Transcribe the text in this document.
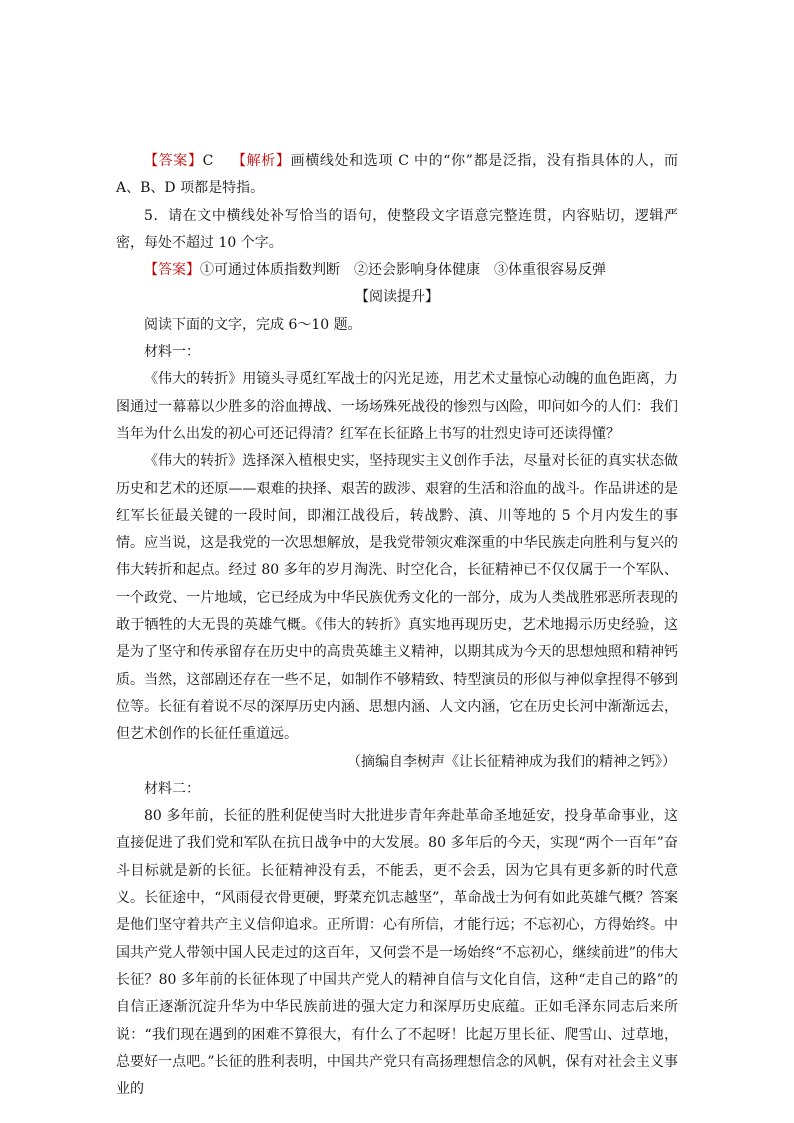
【答案】C 【解析】画横线处和选项 C 中的“你”都是泛指，没有指具体的人，而 A、B、D 项都是特指。

5．请在文中横线处补写恰当的语句，使整段文字语意完整连贯，内容贴切，逻辑严密，每处不超过 10 个字。

【答案】①可通过体质指数判断 ②还会影响身体健康 ③体重很容易反弹

【阅读提升】

阅读下面的文字，完成 6～10 题。

材料一：

《伟大的转折》用镜头寻觅红军战士的闪光足迹，用艺术丈量惊心动魄的血色距离，力图通过一幕幕以少胜多的浴血搏战、一场场殊死战役的惨烈与凶险，叩问如今的人们：我们当年为什么出发的初心可还记得清？红军在长征路上书写的壮烈史诗可还读得懂？

《伟大的转折》选择深入植根史实，坚持现实主义创作手法，尽量对长征的真实状态做历史和艺术的还原——艰难的抉择、艰苦的跋涉、艰窘的生活和浴血的战斗。作品讲述的是红军长征最关键的一段时间，即湘江战役后，转战黔、滇、川等地的 5 个月内发生的事情。应当说，这是我党的一次思想解放，是我党带领灾难深重的中华民族走向胜利与复兴的伟大转折和起点。经过 80 多年的岁月淘洗、时空化合，长征精神已不仅仅属于一个军队、一个政党、一片地域，它已经成为中华民族优秀文化的一部分，成为人类战胜邪恶所表现的敢于牺牲的大无畏的英雄气概。《伟大的转折》真实地再现历史，艺术地揭示历史经验，这是为了坚守和传承留存在历史中的高贵英雄主义精神，以期其成为今天的思想烛照和精神钙质。当然，这部剧还存在一些不足，如制作不够精致、特型演员的形似与神似拿捏得不够到位等。长征有着说不尽的深厚历史内涵、思想内涵、人文内涵，它在历史长河中渐渐远去，但艺术创作的长征任重道远。

（摘编自李树声《让长征精神成为我们的精神之钙》）

材料二：

80 多年前，长征的胜利促使当时大批进步青年奔赴革命圣地延安，投身革命事业，这直接促进了我们党和军队在抗日战争中的大发展。80 多年后的今天，实现“两个一百年”奋斗目标就是新的长征。长征精神没有丢，不能丢，更不会丢，因为它具有更多新的时代意义。长征途中，“风雨侵衣骨更硬，野菜充饥志越坚”，革命战士为何有如此英雄气概？答案是他们坚守着共产主义信仰追求。正所谓：心有所信，才能行远；不忘初心，方得始终。中国共产党人带领中国人民走过的这百年，又何尝不是一场始终“不忘初心，继续前进”的伟大长征？80 多年前的长征体现了中国共产党人的精神自信与文化自信，这种“走自己的路”的自信正逐渐沉淀升华为中华民族前进的强大定力和深厚历史底蕴。正如毛泽东同志后来所说：“我们现在遇到的困难不算很大，有什么了不起呀！比起万里长征、爬雪山、过草地，总要好一点吧。”长征的胜利表明，中国共产党只有高扬理想信念的风帆，保有对社会主义事业的
